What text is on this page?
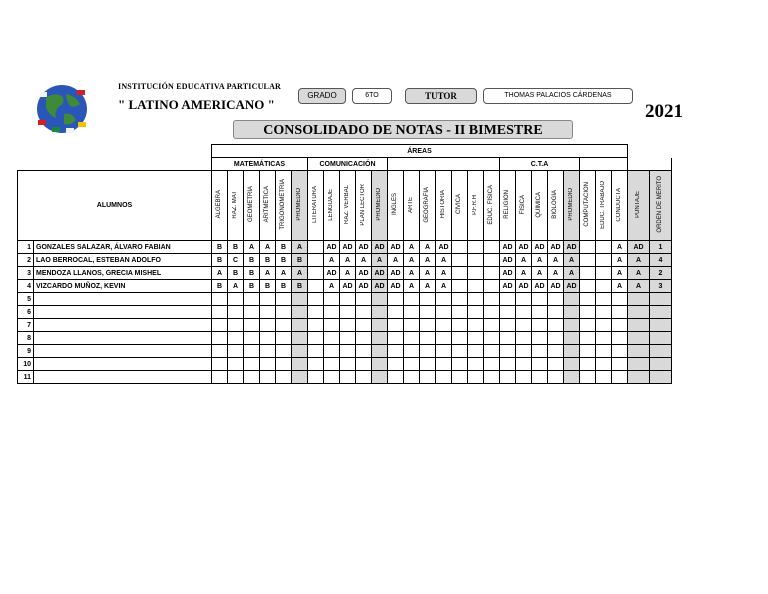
INSTITUCIÓN EDUCATIVA PARTICULAR
" LATINO AMERICANO "
GRADO	6TO	TUTOR	THOMAS PALACIOS CÁRDENAS
2021
CONSOLIDADO DE NOTAS - II BIMESTRE
		ÁREAS																											
		MATEMÁTICAS						COMUNICACIÓN												C.T.A									
ALUMNOS		ÁLGEBRA	RAZ. MAT	GEOMETRÍA	ARITMÉTICA	TRIGONOMETRÍA	PROMEDIO	LITERATURA	LENGUAJE	RAZ. VERBAL	PLAN LECTOR	PROMEDIO	INGLÉS	ARTE	GEOGRAFÍA	HISTORIA	CÍVICA	P.F.R.H	EDUC. FÍSICA	RELIGIÓN	FÍSICA	QUÍMICA	BIOLOGÍA	PROMEDIO	COMPUTACIÓN	EDUC. TRABAJO	CONDUCTA	PUNTAJE	ORDEN DE MÉRITO
1	GONZALES SALAZAR, ÁLVARO FABIAN	B	B	A	A	B	A		AD	AD	AD	AD	AD	A	A	AD				AD	AD	AD	AD	AD			A	AD	1
2	LAO BERROCAL, ESTEBAN ADOLFO	B	C	B	B	B	B		A	A	A	A	A	A	A	A				AD	A	A	A	A			A	A	4
3	MENDOZA LLANOS, GRECIA MISHEL	A	B	B	A	A	A		AD	A	AD	AD	AD	A	A	A				AD	A	A	A	A			A	A	2
4	VIZCARDO MUÑOZ, KEVIN	B	A	B	B	B	B		A	AD	AD	AD	AD	A	A	A				AD	AD	AD	AD	AD			A	A	3
5																													
6																													
7																													
8																													
9																													
10																													
11																													
